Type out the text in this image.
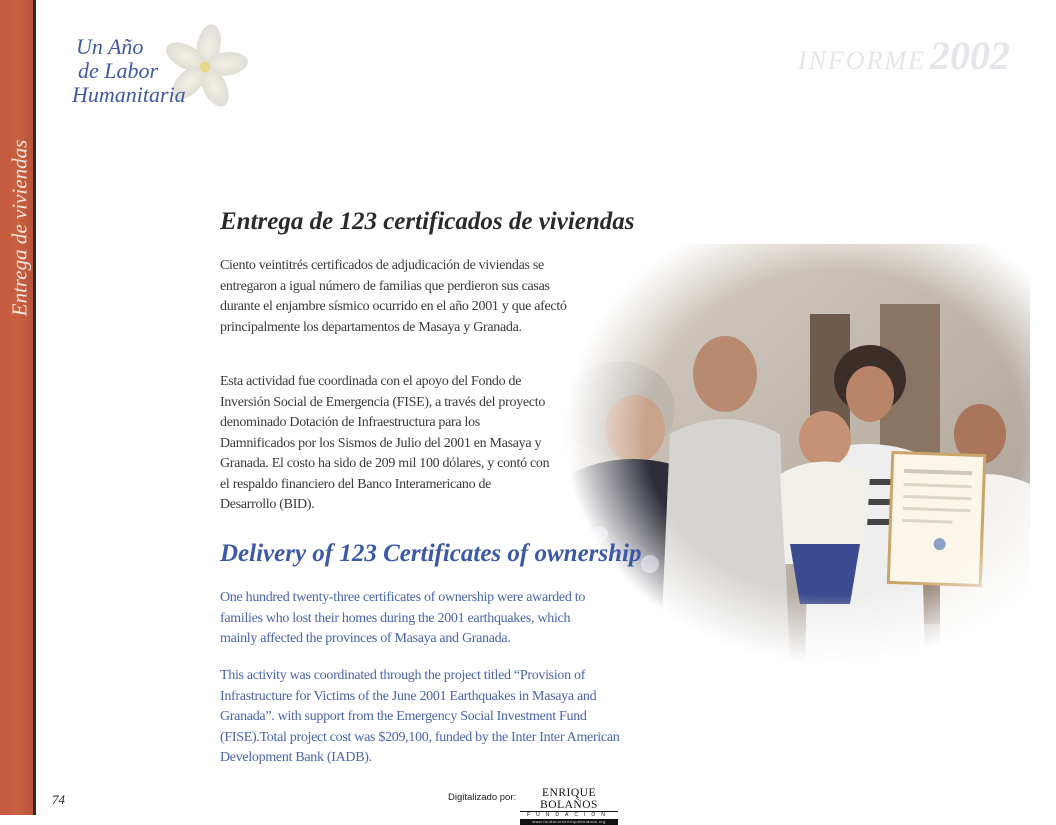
Entrega de viviendas
Un Año
de Labor
Humanitaria
INFORME 2002
Entrega de 123 certificados de viviendas
Ciento veintitrés certificados de adjudicación de viviendas se entregaron a igual número de familias que perdieron sus casas durante el enjambre sísmico ocurrido en el año 2001 y que afectó principalmente los departamentos de Masaya y Granada.
Esta actividad fue coordinada con el apoyo del Fondo de Inversión Social de Emergencia (FISE), a través del proyecto denominado Dotación de Infraestructura para los Damnificados por los Sismos de Julio del 2001 en Masaya y Granada. El costo ha sido de 209 mil 100 dólares, y contó con el respaldo financiero del Banco Interamericano de Desarrollo (BID).
Delivery of 123 Certificates of ownership
One hundred twenty-three certificates of ownership were awarded to families who lost their homes during the 2001 earthquakes, which mainly affected the provinces of Masaya and Granada.
This activity was coordinated through the project titled “Provision of Infrastructure for Victims of the June 2001 Earthquakes in Masaya and Granada”. with support from the Emergency Social Investment Fund (FISE).Total project cost was $209,100, funded by the Inter Inter American Development Bank (IADB).
74	Digitalizado por:	ENRIQUE BOLAÑOS
FUNDACIÓN
www.fundacionenriquebolanos.org
